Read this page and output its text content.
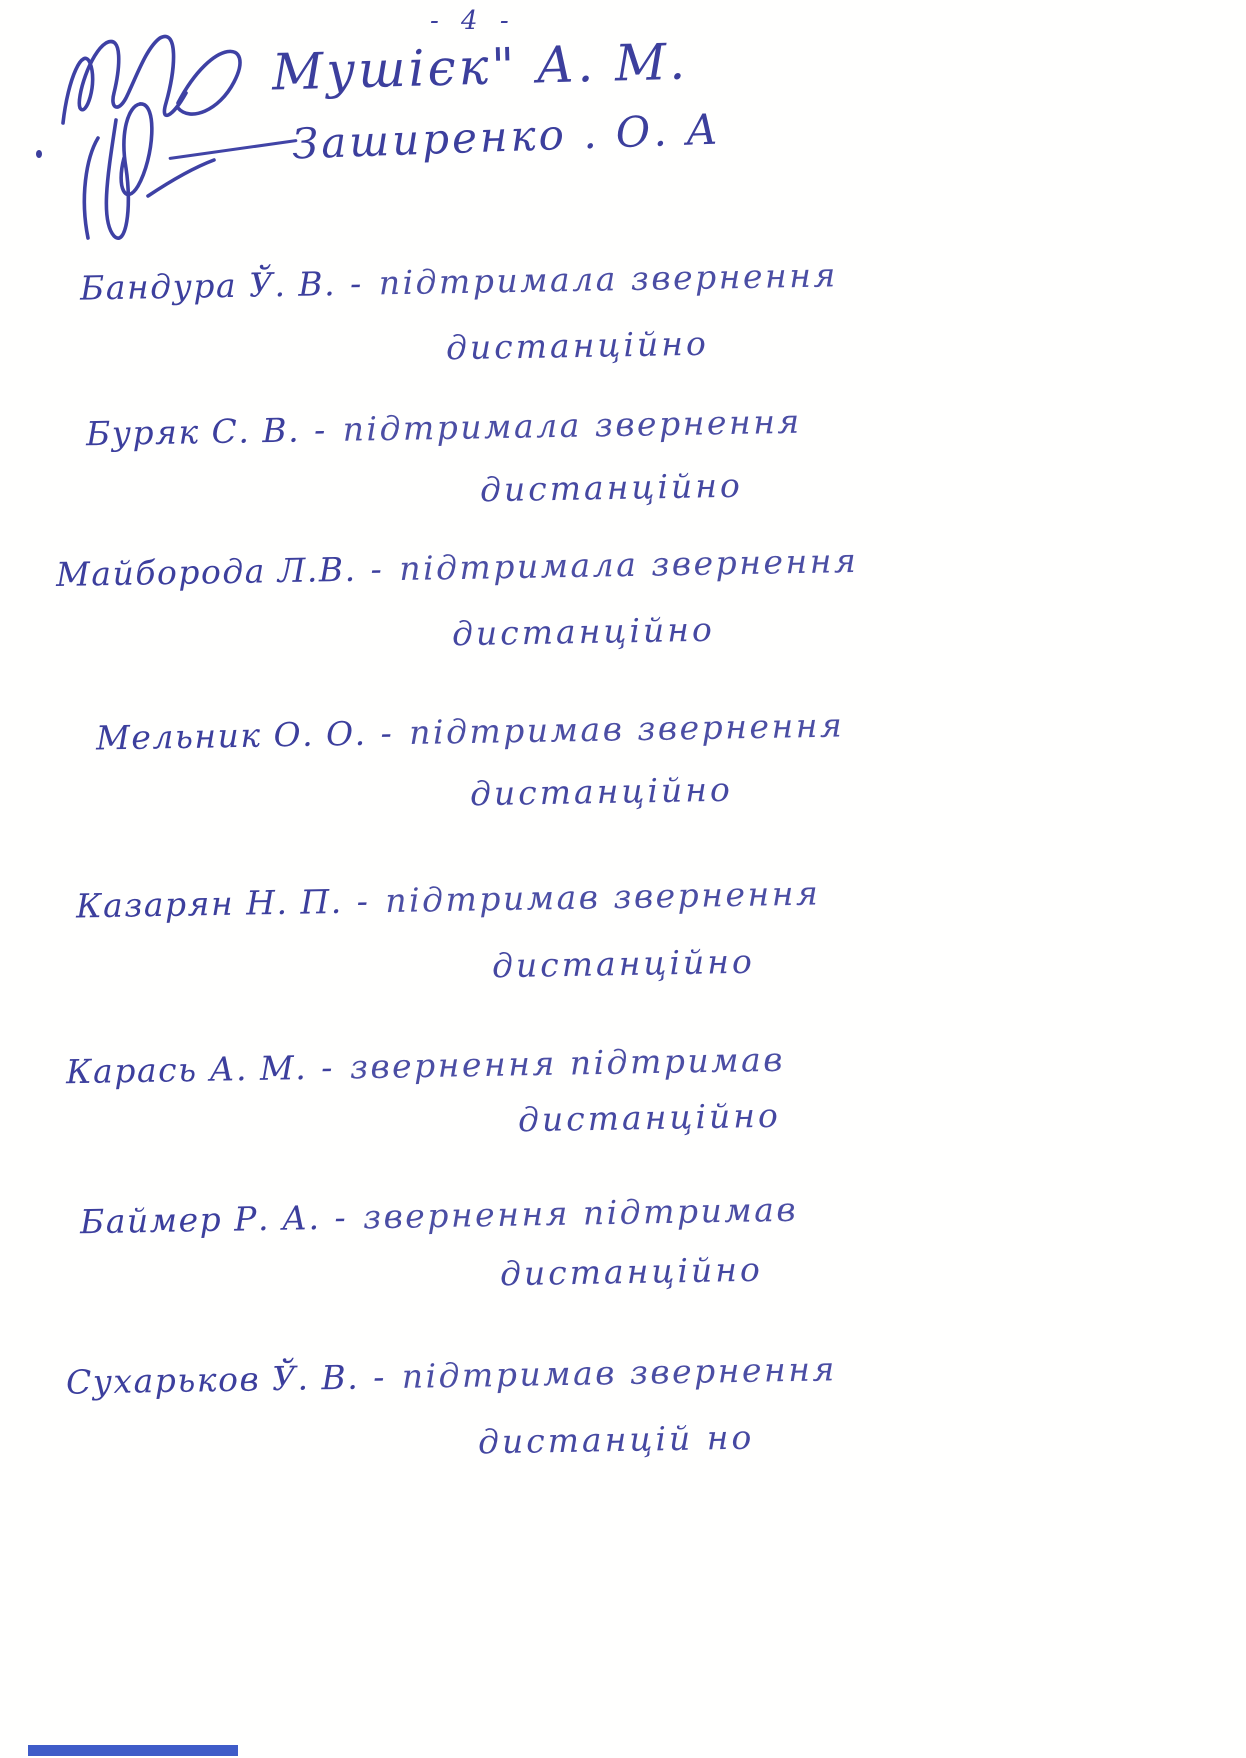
- 4 -
Мушієк" А. М.
Заширенко . О. А
Бандура Ў. В. - підтримала звернення
дистанційно
Буряк С. В. - підтримала звернення
дистанційно
Майборода Л.В. - підтримала звернення
дистанційно
Мельник О. О. - підтримав звернення
дистанційно
Казарян Н. П. - підтримав звернення
дистанційно
Карась А. М. - звернення підтримав
дистанційно
Баймер Р. А. - звернення підтримав
дистанційно
Сухарьков Ў. В. - підтримав звернення
дистанцій но
